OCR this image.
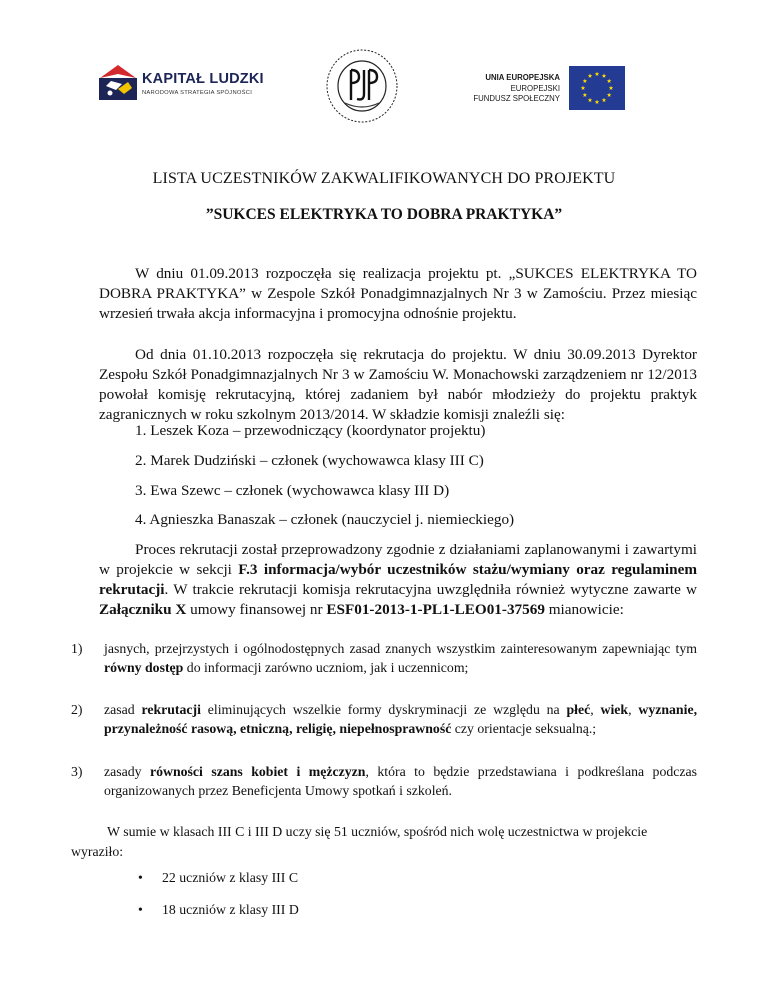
KAPITAŁ LUDZKI
NARODOWA STRATEGIA SPÓJNOŚCI
UNIA EUROPEJSKA
EUROPEJSKI
FUNDUSZ SPOŁECZNY
LISTA UCZESTNIKÓW ZAKWALIFIKOWANYCH DO PROJEKTU
”SUKCES ELEKTRYKA TO DOBRA PRAKTYKA”
W dniu 01.09.2013 rozpoczęła się realizacja projektu pt. „SUKCES ELEKTRYKA TO DOBRA PRAKTYKA” w Zespole Szkół Ponadgimnazjalnych Nr 3 w Zamościu. Przez miesiąc wrzesień trwała akcja informacyjna i promocyjna odnośnie projektu.
Od dnia 01.10.2013 rozpoczęła się rekrutacja do projektu. W dniu 30.09.2013 Dyrektor Zespołu Szkół Ponadgimnazjalnych Nr 3 w Zamościu W. Monachowski zarządzeniem nr 12/2013 powołał komisję rekrutacyjną, której zadaniem był nabór młodzieży do projektu praktyk zagranicznych w roku szkolnym 2013/2014. W składzie komisji znaleźli się:
1. Leszek Koza – przewodniczący (koordynator projektu)
2. Marek Dudziński – członek (wychowawca klasy III C)
3. Ewa Szewc – członek (wychowawca klasy III D)
4. Agnieszka Banaszak – członek (nauczyciel j. niemieckiego)
Proces rekrutacji został przeprowadzony zgodnie z działaniami zaplanowanymi i zawartymi w projekcie w sekcji F.3 informacja/wybór uczestników stażu/wymiany oraz regulaminem rekrutacji. W trakcie rekrutacji komisja rekrutacyjna uwzględniła również wytyczne zawarte w Załączniku X umowy finansowej nr ESF01-2013-1-PL1-LEO01-37569 mianowicie:
1) jasnych, przejrzystych i ogólnodostępnych zasad znanych wszystkim zainteresowanym zapewniając tym równy dostęp do informacji zarówno uczniom, jak i uczennicom;
2) zasad rekrutacji eliminujących wszelkie formy dyskryminacji ze względu na płeć, wiek, wyznanie, przynależność rasową, etniczną, religię, niepełnosprawność czy orientacje seksualną.;
3) zasady równości szans kobiet i mężczyzn, która to będzie przedstawiana i podkreślana podczas organizowanych przez Beneficjenta Umowy spotkań i szkoleń.
W sumie w klasach III C i III D uczy się 51 uczniów, spośród nich wolę uczestnictwa w projekcie wyraziło:
• 22 uczniów z klasy III C
• 18 uczniów z klasy III D
